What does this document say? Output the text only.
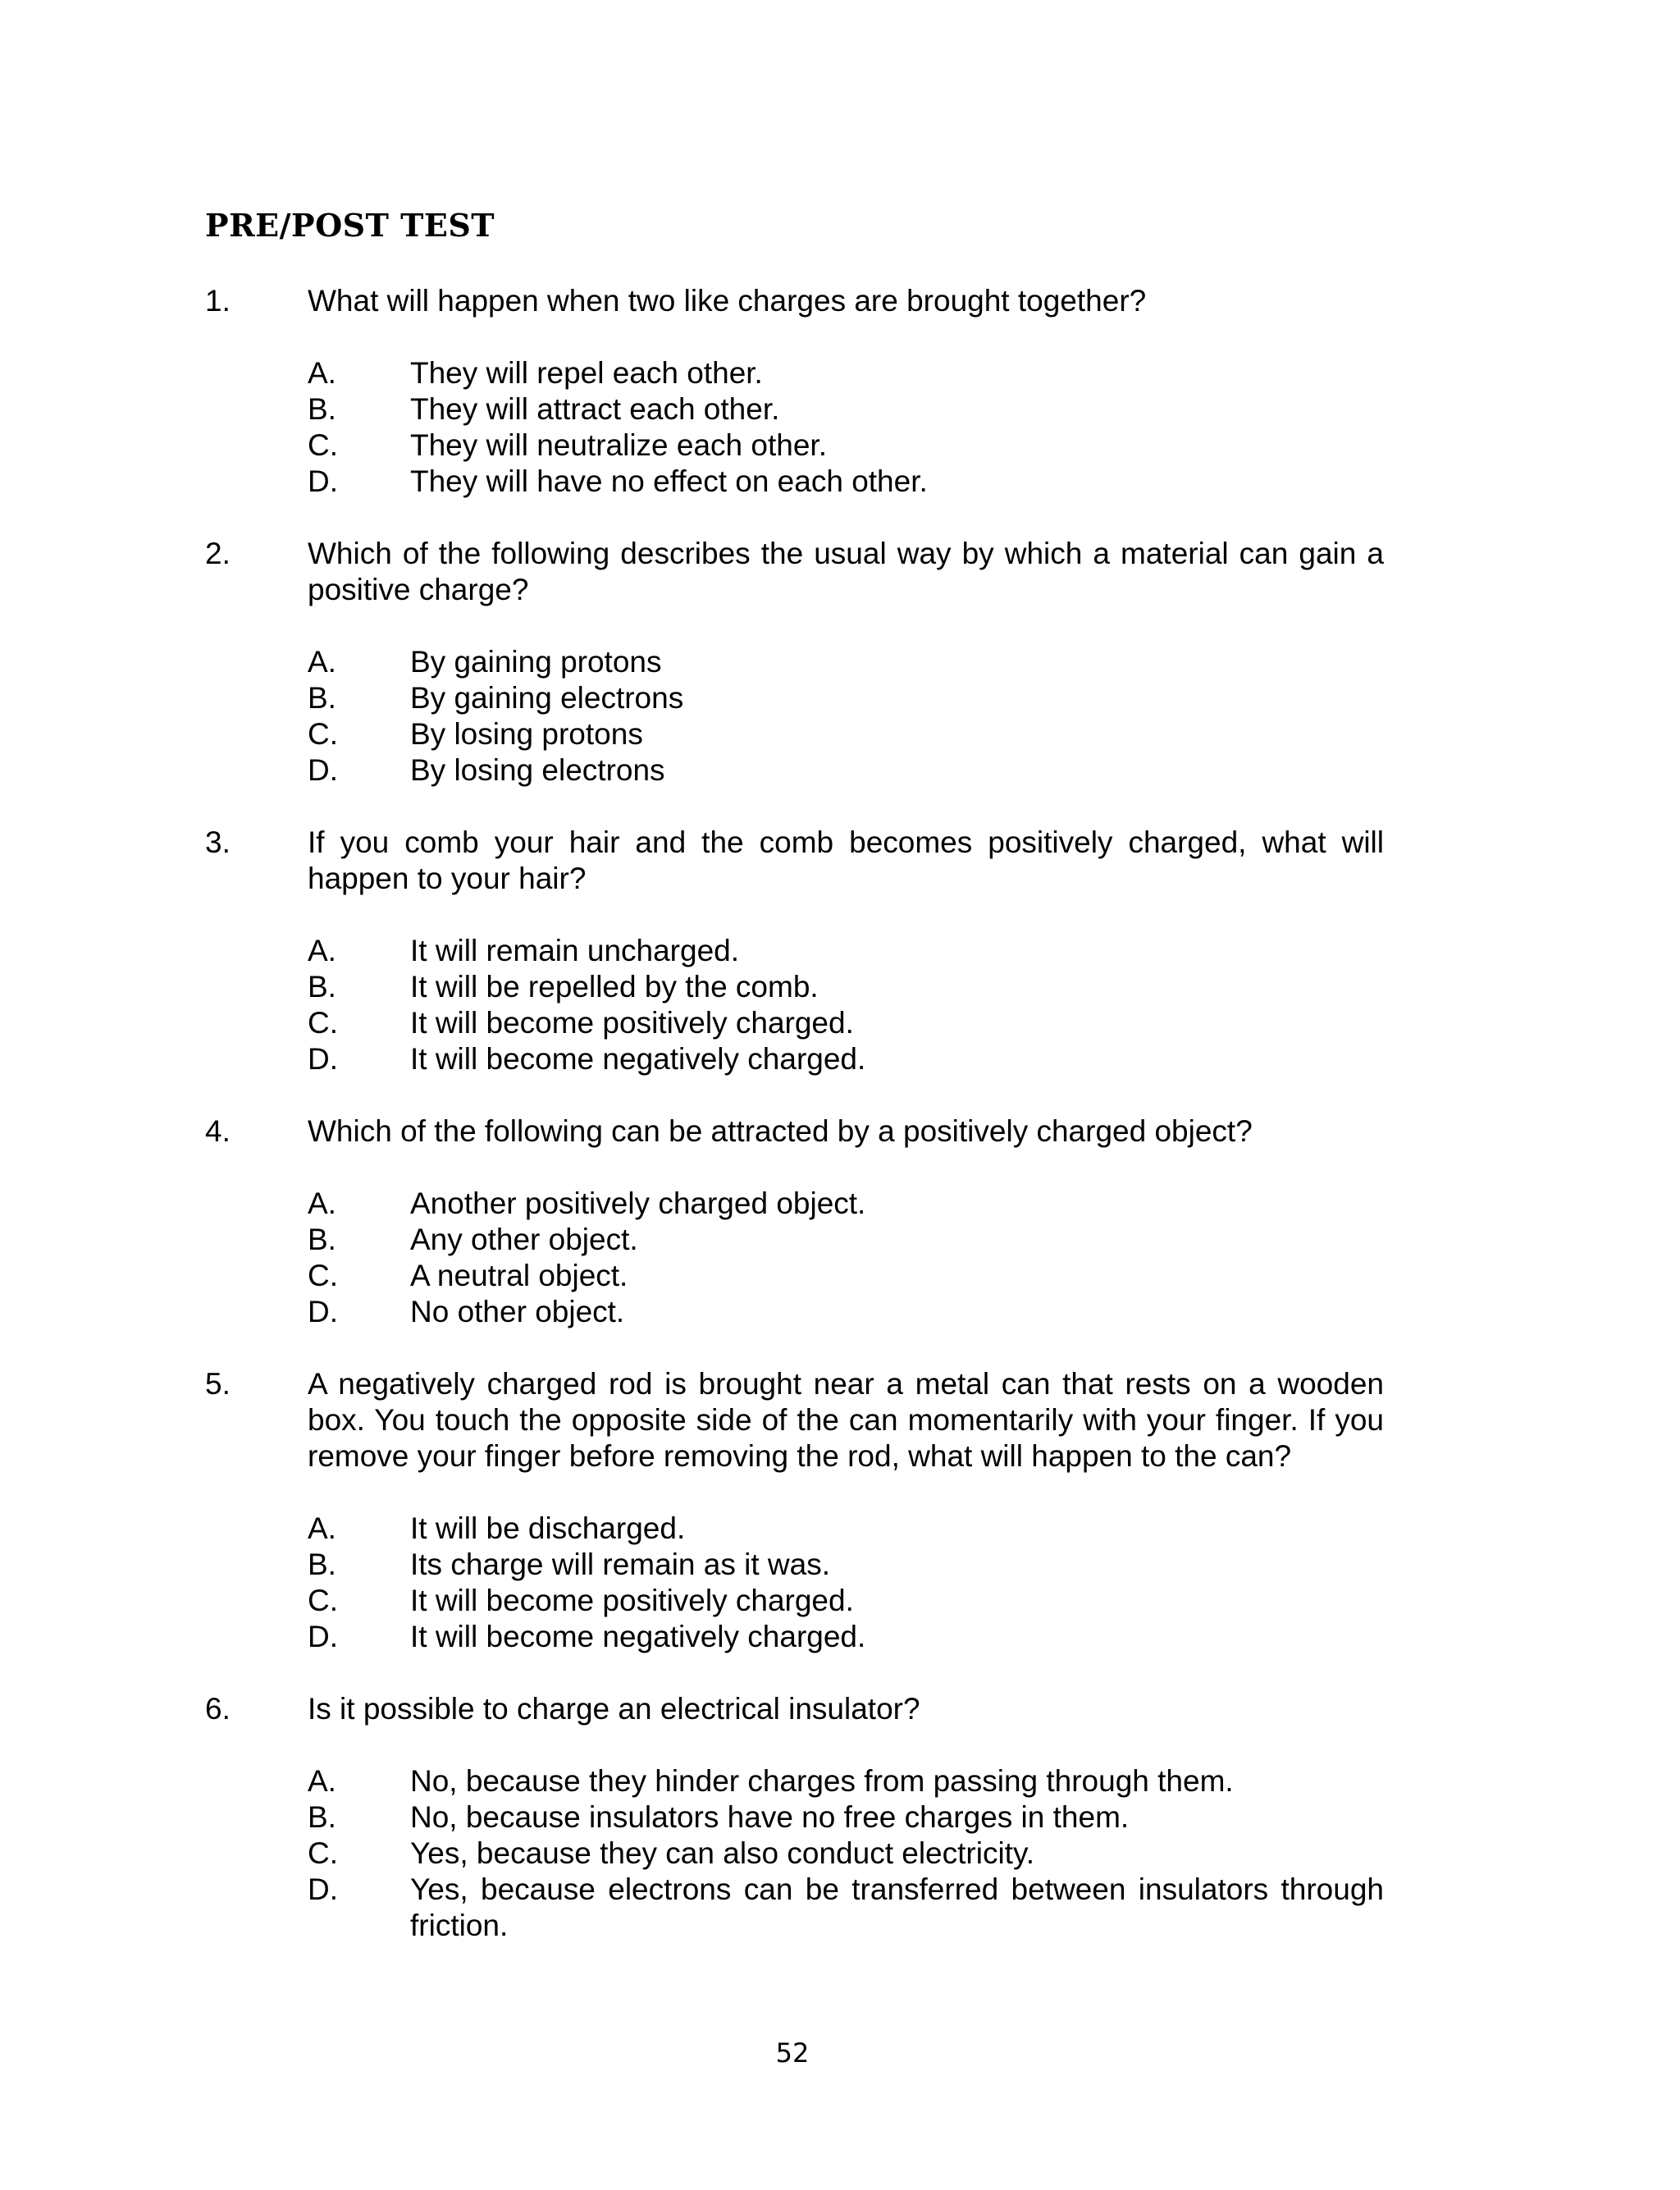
PRE/POST TEST
1.	What will happen when two like charges are brought together?
A. They will repel each other.
B. They will attract each other.
C. They will neutralize each other.
D. They will have no effect on each other.
2.	Which of the following describes the usual way by which a material can gain a positive charge?
A. By gaining protons
B. By gaining electrons
C. By losing protons
D. By losing electrons
3.	If you comb your hair and the comb becomes positively charged, what will happen to your hair?
A. It will remain uncharged.
B. It will be repelled by the comb.
C. It will become positively charged.
D. It will become negatively charged.
4.	Which of the following can be attracted by a positively charged object?
A. Another positively charged object.
B. Any other object.
C. A neutral object.
D. No other object.
5.	A negatively charged rod is brought near a metal can that rests on a wooden box. You touch the opposite side of the can momentarily with your finger. If you remove your finger before removing the rod, what will happen to the can?
A. It will be discharged.
B. Its charge will remain as it was.
C. It will become positively charged.
D. It will become negatively charged.
6.	Is it possible to charge an electrical insulator?
A. No, because they hinder charges from passing through them.
B. No, because insulators have no free charges in them.
C. Yes, because they can also conduct electricity.
D. Yes, because electrons can be transferred between insulators through friction.
52
